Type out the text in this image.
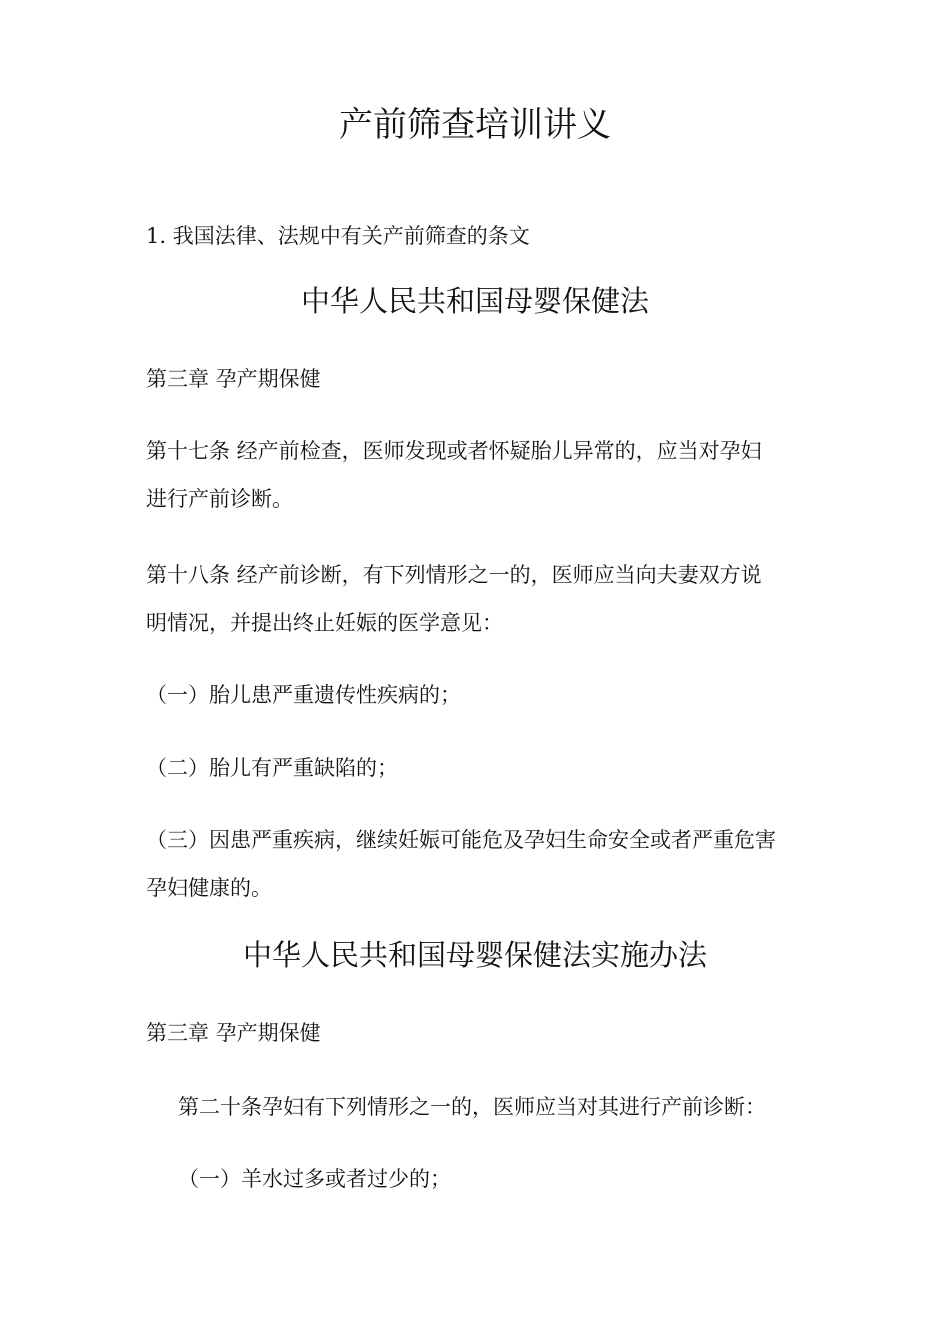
产前筛查培训讲义
1. 我国法律、法规中有关产前筛查的条文
中华人民共和国母婴保健法
第三章 孕产期保健
第十七条 经产前检查，医师发现或者怀疑胎儿异常的，应当对孕妇
进行产前诊断。
第十八条 经产前诊断，有下列情形之一的，医师应当向夫妻双方说
明情况，并提出终止妊娠的医学意见：
（一）胎儿患严重遗传性疾病的；
（二）胎儿有严重缺陷的；
（三）因患严重疾病，继续妊娠可能危及孕妇生命安全或者严重危害
孕妇健康的。
中华人民共和国母婴保健法实施办法
第三章 孕产期保健
第二十条孕妇有下列情形之一的，医师应当对其进行产前诊断：
（一）羊水过多或者过少的；
